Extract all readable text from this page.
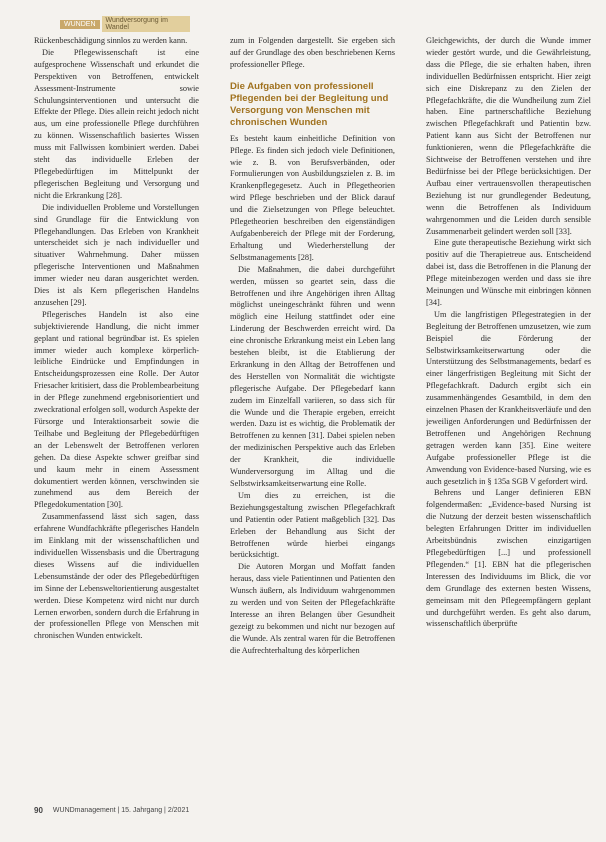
WUNDEN	Wundversorgung im Wandel

Rückenbeschädigung sinnlos zu werden kann.

Die Pflegewissenschaft ist eine aufgesprochene Wissenschaft und erkundet die Perspektiven von Betroffenen, entwickelt Assessment-Instrumente sowie Schulungsinterventionen und untersucht die Effekte der Pflege. Dies allein reicht jedoch nicht aus, um eine professionelle Pflege durchführen zu können. Wissenschaftlich basiertes Wissen muss mit Fallwissen kombiniert werden. Dabei steht das individuelle Erleben der Pflegebedürftigen im Mittelpunkt der pflegerischen Begleitung und Versorgung und nicht die Erkrankung [28].

Die individuellen Probleme und Vorstellungen sind Grundlage für die Entwicklung von Pflegehandlungen. Das Erleben von Krankheit unterscheidet sich je nach individueller und situativer Wahrnehmung. Daher müssen pflegerische Interventionen und Maßnahmen immer wieder neu daran ausgerichtet werden. Dies ist als Kern pflegerischen Handelns anzusehen [29].

Pflegerisches Handeln ist also eine subjektivierende Handlung, die nicht immer geplant und rational begründbar ist. Es spielen immer wieder auch komplexe körperlich-leibliche Eindrücke und Empfindungen in Entscheidungsprozessen eine Rolle. Der Autor Friesacher kritisiert, dass die Problembearbeitung in der Pflege zunehmend ergebnisorientiert und zweckrational erfolgen soll, wodurch Aspekte der Fürsorge und Interaktionsarbeit sowie die Teilhabe und Begleitung der Pflegebedürftigen an der Lebenswelt der Betroffenen verloren gehen. Da diese Aspekte schwer greifbar sind und kaum mehr in einem Assessment dokumentiert werden können, verschwinden sie zunehmend aus dem Bereich der Pflegedokumentation [30].

Zusammenfassend lässt sich sagen, dass erfahrene Wundfachkräfte pflegerisches Handeln im Einklang mit der wissenschaftlichen und individuellen Wissensbasis und die Übertragung dieses Wissens auf die individuellen Lebensumstände der oder des Pflegebedürftigen im Sinne der Lebensweltorientierung ausgestaltet werden. Diese Kompetenz wird nicht nur durch Lernen erworben, sondern durch die Erfahrung in der professionellen Pflege von Menschen mit chronischen Wunden entwickelt.

zum in Folgenden dargestellt. Sie ergeben sich auf der Grundlage des oben beschriebenen Kerns professioneller Pflege.

Die Aufgaben von professionell Pflegenden bei der Begleitung und Versorgung von Menschen mit chronischen Wunden

Es besteht kaum einheitliche Definition von Pflege. Es finden sich jedoch viele Definitionen, wie z. B. von Berufsverbänden, oder Formulierungen von Ausbildungszielen z. B. im Krankenpflegegesetz. Auch in Pflegetheorien wird Pflege beschrieben und der Blick darauf und die Zielsetzungen von Pflege beleuchtet. Pflegetheorien beschreiben den eigenständigen Aufgabenbereich der Pflege mit der Forderung, Erhaltung und Wiederherstellung der Selbstmanagements [28].

Die Maßnahmen, die dabei durchgeführt werden, müssen so geartet sein, dass die Betroffenen und ihre Angehörigen ihren Alltag möglichst uneingeschränkt führen und wenn möglich eine Heilung stattfindet oder eine Linderung der Beschwerden erreicht wird. Da eine chronische Erkrankung meist ein Leben lang bestehen bleibt, ist die Etablierung der Erkrankung in den Alltag der Betroffenen und des Herstellen von Normalität die wichtigste pflegerische Aufgabe. Der Pflegebedarf kann zudem im Einzelfall variieren, so dass sich für die Wunde und die Therapie ergeben, erreicht werden. Dazu ist es wichtig, die Problematik der Betroffenen zu kennen [31]. Dabei spielen neben der medizinischen Perspektive auch das Erleben der Krankheit, die individuelle Wunderversorgung im Alltag und die Selbstwirksamkeitserwartung eine Rolle.

Um dies zu erreichen, ist die Beziehungsgestaltung zwischen Pflegefachkraft und Patientin oder Patient maßgeblich [32]. Das Erleben der Behandlung aus Sicht der Betroffenen würde hierbei eingangs berücksichtigt.

Die Autoren Morgan und Moffatt fanden heraus, dass viele Patientinnen und Patienten den Wunsch äußern, als Individuum wahrgenommen zu werden und von Seiten der Pflegefachkräfte Interesse an ihren Belangen über Gesundheit gezeigt zu bekommen und nicht nur bezogen auf die Wunde. Als zentral waren für die Betroffenen die Aufrechterhaltung des körperlichen

Gleichgewichts, der durch die Wunde immer wieder gestört wurde, und die Gewährleistung, dass die Pflege, die sie erhalten haben, ihren individuellen Bedürfnissen entspricht. Hier zeigt sich eine Diskrepanz zu den Zielen der Pflegefachkräfte, die die Wundheilung zum Ziel haben. Eine partnerschaftliche Beziehung zwischen Pflegefachkraft und Patientin bzw. Patient kann aus Sicht der Betroffenen nur funktionieren, wenn die Pflegefachkräfte die Sichtweise der Betroffenen verstehen und ihre Bedürfnisse bei der Pflege berücksichtigen. Der Aufbau einer vertrauensvollen therapeutischen Beziehung ist nur grundlegender Bedeutung, wenn die Betroffenen als Individuum wahrgenommen und die Leiden durch sensible Zusammenarbeit gelindert werden soll [33].

Eine gute therapeutische Beziehung wirkt sich positiv auf die Therapietreue aus. Entscheidend dabei ist, dass die Betroffenen in die Planung der Pflege miteinbezogen werden und dass sie ihre Meinungen und Wünsche mit einbringen können [34].

Um die langfristigen Pflegestrategien in der Begleitung der Betroffenen umzusetzen, wie zum Beispiel die Förderung der Selbstwirksamkeitserwartung oder die Unterstützung des Selbstmanagements, bedarf es einer längerfristigen Begleitung mit Sicht der Pflegefachkraft. Dadurch ergibt sich ein zusammenhängendes Gesamtbild, in dem den einzelnen Phasen der Krankheitsverläufe und den jeweiligen Anforderungen und Bedürfnissen der Betroffenen und Angehörigen Rechnung getragen werden kann [35]. Eine weitere Aufgabe professioneller Pflege ist die Anwendung von Evidence-based Nursing, wie es auch gesetzlich in § 135a SGB V gefordert wird.

Behrens und Langer definieren EBN folgendermaßen: „Evidence-based Nursing ist die Nutzung der derzeit besten wissenschaftlich belegten Erfahrungen Dritter im individuellen Arbeitsbündnis zwischen einzigartigen Pflegebedürftigen [...] und professionell Pflegenden.“ [1]. EBN hat die pflegerischen Interessen des Individuums im Blick, die vor dem Grundlage des externen besten Wissens, gemeinsam mit den Pflegeempfängern geplant und durchgeführt werden. Es geht also darum, wissenschaftlich überprüfte

90 WUNDmanagement | 15. Jahrgang | 2/2021
